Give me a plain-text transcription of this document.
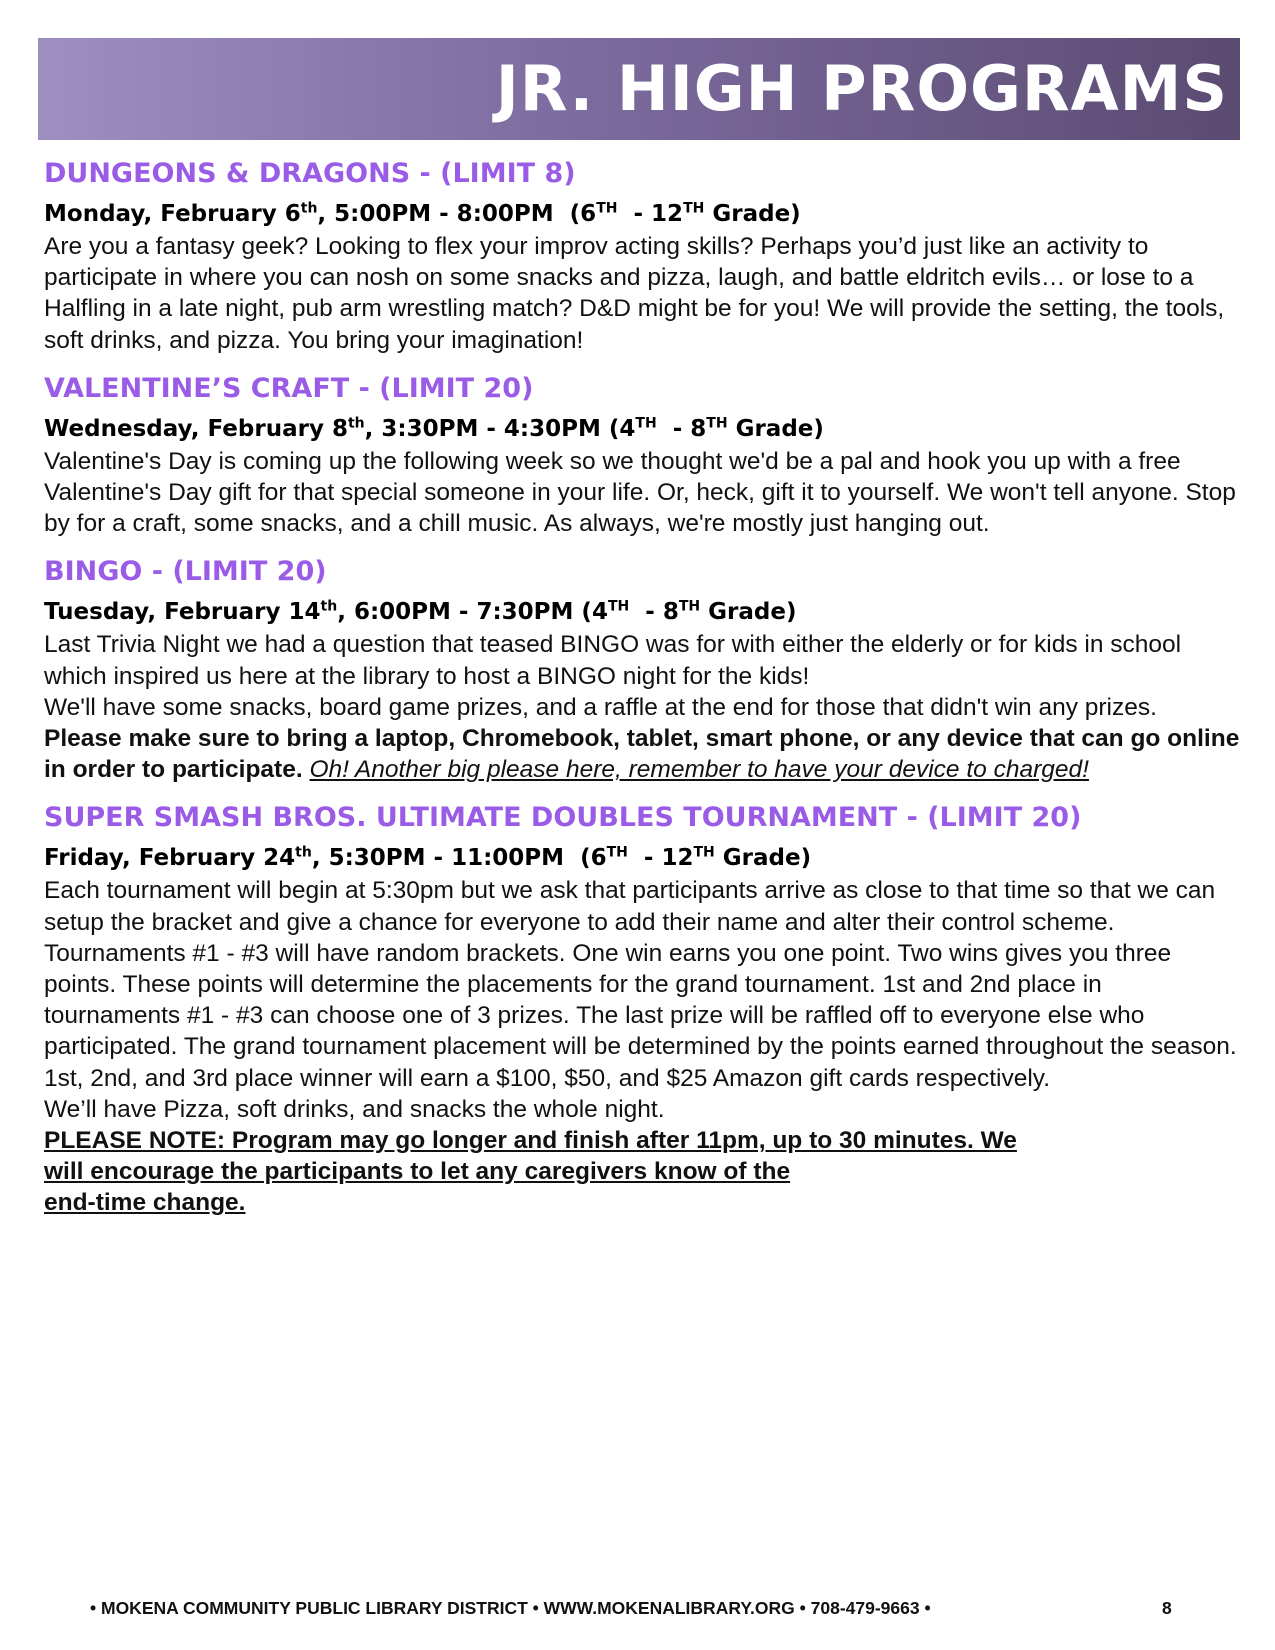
JR. HIGH PROGRAMS
DUNGEONS & DRAGONS - (LIMIT 8)
Monday, February 6th, 5:00PM - 8:00PM  (6TH  - 12TH Grade)

Are you a fantasy geek? Looking to flex your improv acting skills? Perhaps you’d just like an activity to participate in where you can nosh on some snacks and pizza, laugh, and battle eldritch evils… or lose to a Halfling in a late night, pub arm wrestling match? D&D might be for you! We will provide the setting, the tools, soft drinks, and pizza. You bring your imagination!

VALENTINE’S CRAFT - (LIMIT 20)
Wednesday, February 8th, 3:30PM - 4:30PM (4TH  - 8TH Grade)

Valentine's Day is coming up the following week so we thought we'd be a pal and hook you up with a free Valentine's Day gift for that special someone in your life. Or, heck, gift it to yourself. We won't tell anyone. Stop by for a craft, some snacks, and a chill music. As always, we're mostly just hanging out.

BINGO - (LIMIT 20)
Tuesday, February 14th, 6:00PM - 7:30PM (4TH  - 8TH Grade)

Last Trivia Night we had a question that teased BINGO was for with either the elderly or for kids in school which inspired us here at the library to host a BINGO night for the kids!

We'll have some snacks, board game prizes, and a raffle at the end for those that didn't win any prizes. Please make sure to bring a laptop, Chromebook, tablet, smart phone, or any device that can go online in order to participate. Oh! Another big please here, remember to have your device to charged!

SUPER SMASH BROS. ULTIMATE DOUBLES TOURNAMENT - (LIMIT 20)
Friday, February 24th, 5:30PM - 11:00PM  (6TH  - 12TH Grade)

Each tournament will begin at 5:30pm but we ask that participants arrive as close to that time so that we can setup the bracket and give a chance for everyone to add their name and alter their control scheme.

Tournaments #1 - #3 will have random brackets. One win earns you one point. Two wins gives you three points. These points will determine the placements for the grand tournament. 1st and 2nd place in tournaments #1 - #3 can choose one of 3 prizes. The last prize will be raffled off to everyone else who participated. The grand tournament placement will be determined by the points earned throughout the season.

1st, 2nd, and 3rd place winner will earn a $100, $50, and $25 Amazon gift cards respectively.

We’ll have Pizza, soft drinks, and snacks the whole night.

PLEASE NOTE: Program may go longer and finish after 11pm, up to 30 minutes. We
will encourage the participants to let any caregivers know of the
end-time change.

• MOKENA COMMUNITY PUBLIC LIBRARY DISTRICT • WWW.MOKENALIBRARY.ORG • 708-479-9663 •	8
